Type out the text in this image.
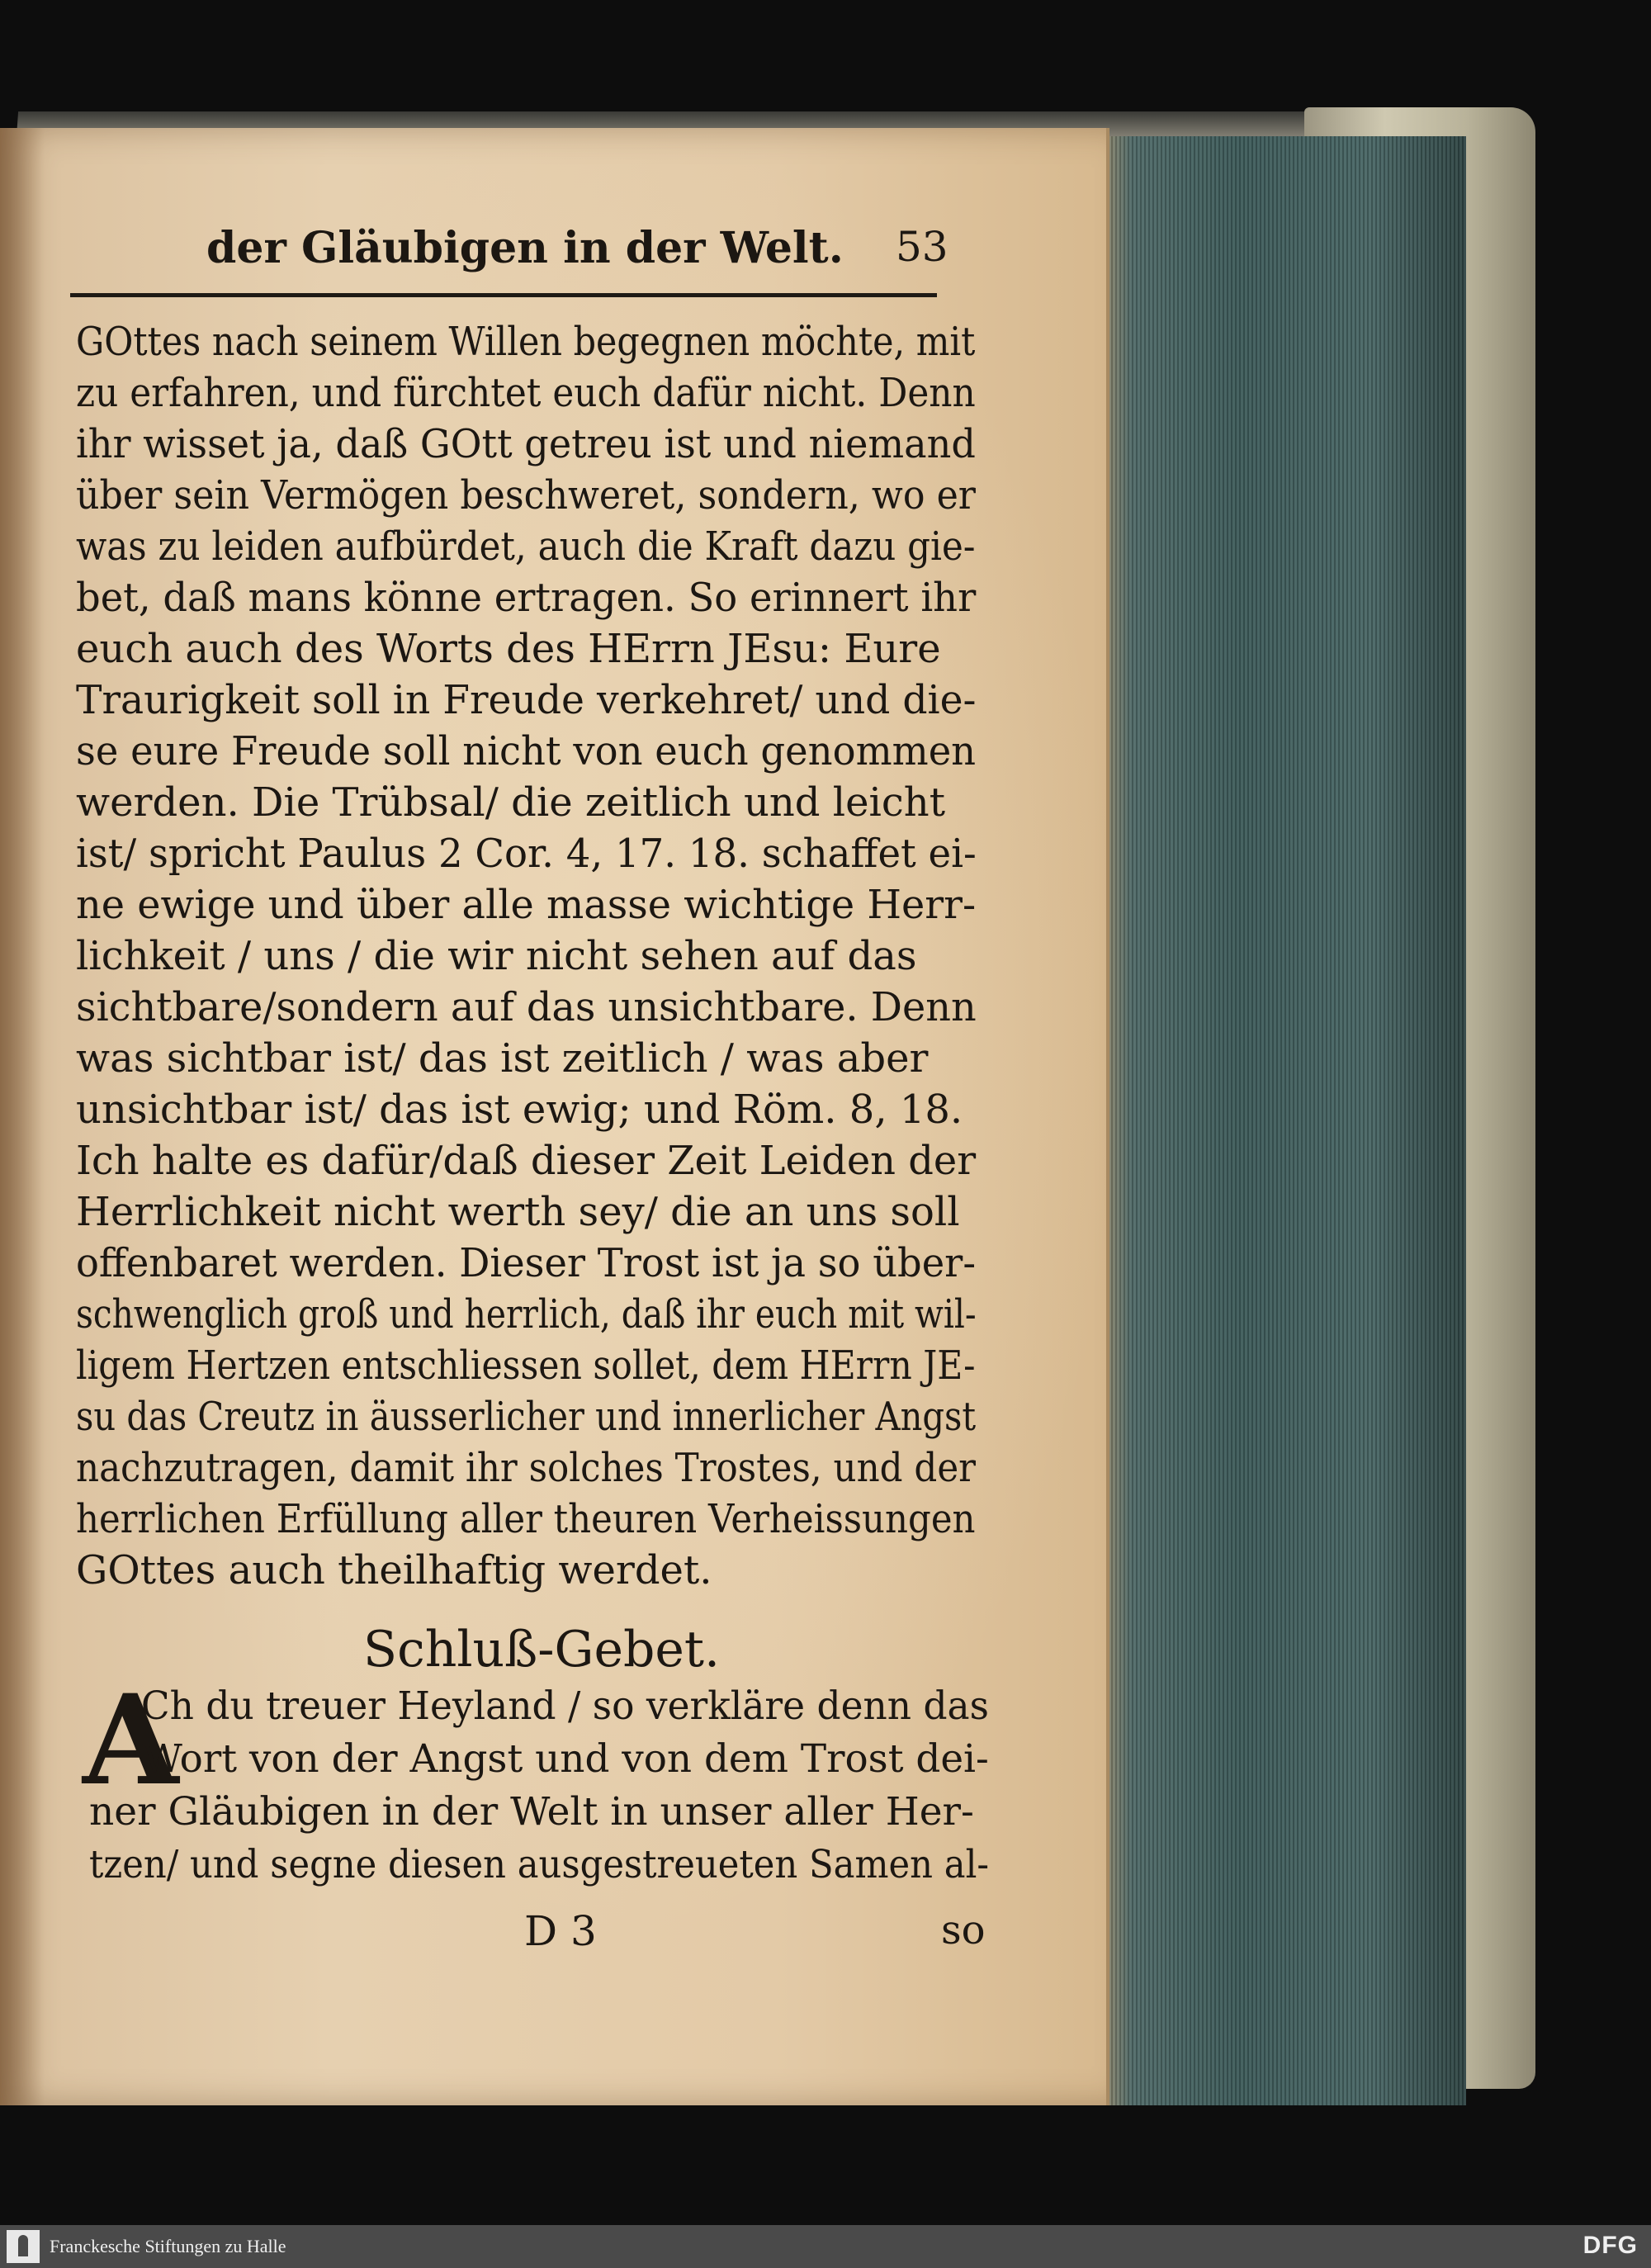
der Gläubigen in der Welt. 53
GOttes nach seinem Willen begegnen möchte, mit
zu erfahren, und fürchtet euch dafür nicht. Denn
ihr wisset ja, daß GOtt getreu ist und niemand
über sein Vermögen beschweret, sondern, wo er
was zu leiden aufbürdet, auch die Kraft dazu gie-
bet, daß mans könne ertragen. So erinnert ihr
euch auch des Worts des HErrn JEsu: Eure
Traurigkeit soll in Freude verkehret/ und die-
se eure Freude soll nicht von euch genommen
werden. Die Trübsal/ die zeitlich und leicht
ist/ spricht Paulus 2 Cor. 4, 17. 18. schaffet ei-
ne ewige und über alle masse wichtige Herr-
lichkeit / uns / die wir nicht sehen auf das
sichtbare/sondern auf das unsichtbare. Denn
was sichtbar ist/ das ist zeitlich / was aber
unsichtbar ist/ das ist ewig; und Röm. 8, 18.
Ich halte es dafür/daß dieser Zeit Leiden der
Herrlichkeit nicht werth sey/ die an uns soll
offenbaret werden. Dieser Trost ist ja so über-
schwenglich groß und herrlich, daß ihr euch mit wil-
ligem Hertzen entschliessen sollet, dem HErrn JE-
su das Creutz in äusserlicher und innerlicher Angst
nachzutragen, damit ihr solches Trostes, und der
herrlichen Erfüllung aller theuren Verheissungen
GOttes auch theilhaftig werdet.
Schluß-Gebet.
A
Ch du treuer Heyland / so verkläre denn das
Wort von der Angst und von dem Trost dei-
ner Gläubigen in der Welt in unser aller Her-
tzen/ und segne diesen ausgestreueten Samen al-
D 3	so
Franckesche Stiftungen zu Halle	DFG
